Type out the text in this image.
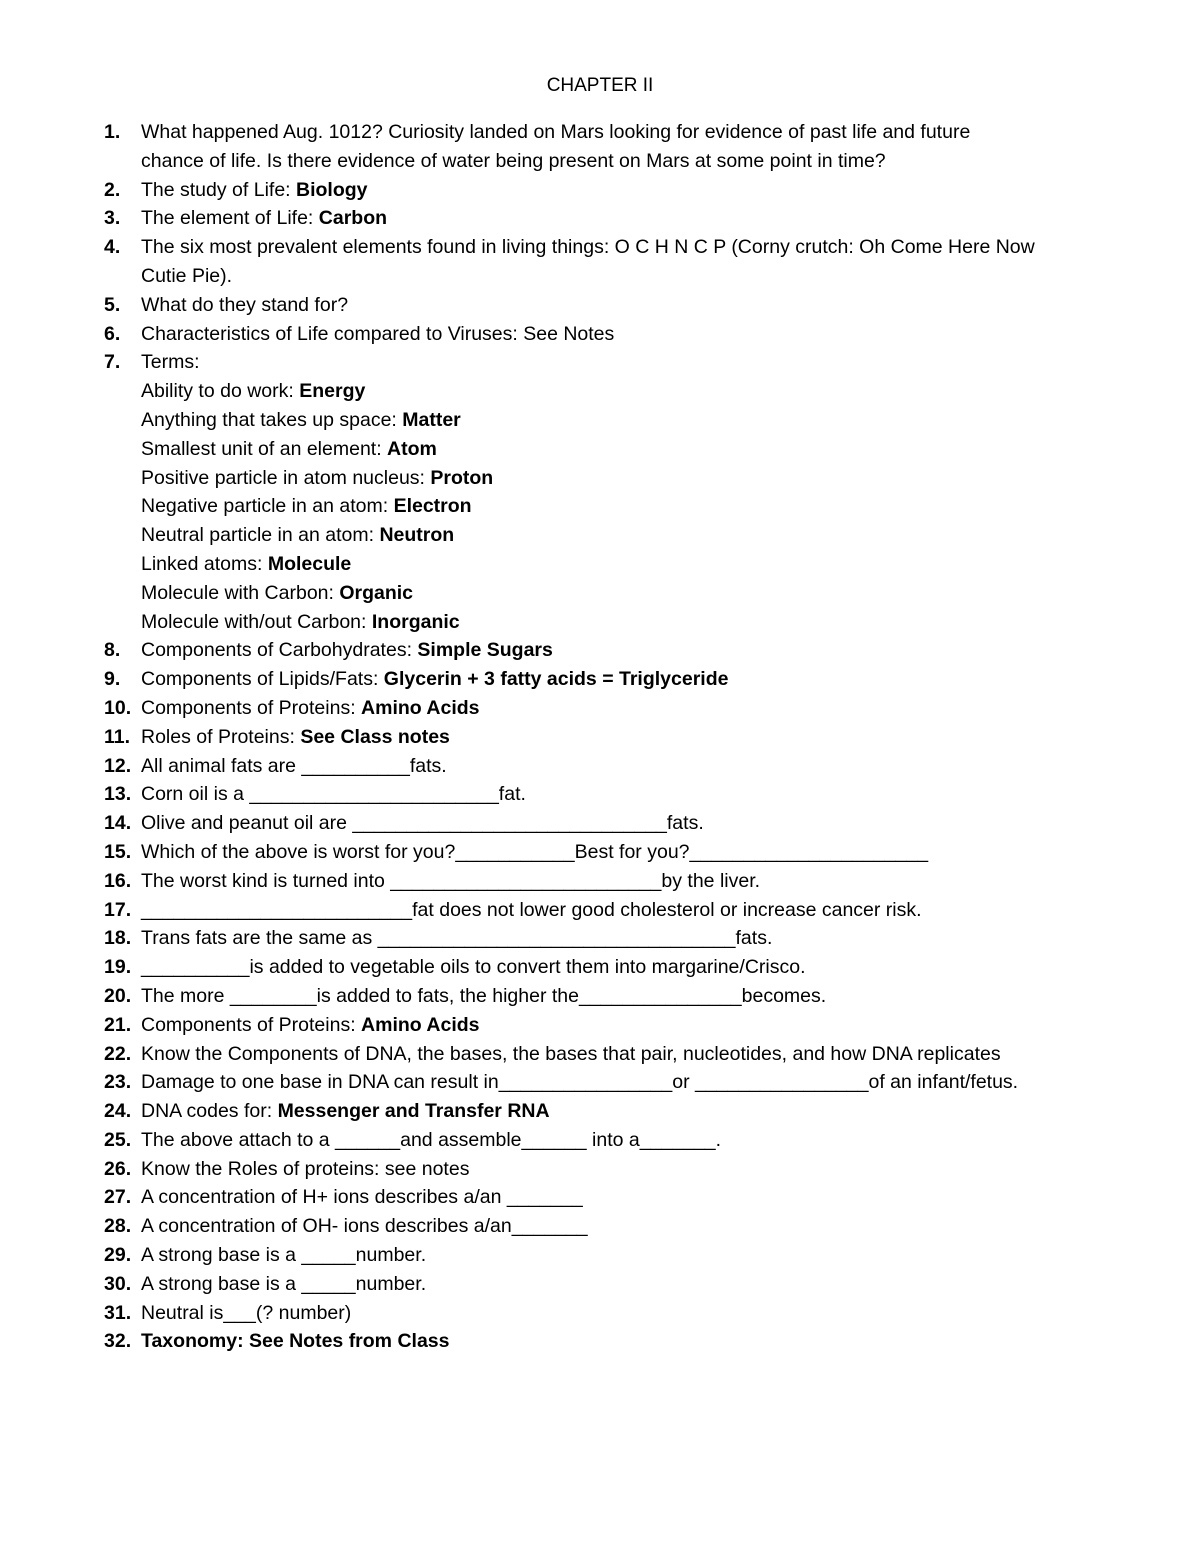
CHAPTER II
1. What happened Aug. 1012? Curiosity landed on Mars looking for evidence of past life and future
chance of life. Is there evidence of water being present on Mars at some point in time?
2. The study of Life: Biology
3. The element of Life: Carbon
4. The six most prevalent elements found in living things: O C H N C P (Corny crutch: Oh Come Here Now
Cutie Pie).
5. What do they stand for?
6. Characteristics of Life compared to Viruses: See Notes
7. Terms:
Ability to do work: Energy
Anything that takes up space: Matter
Smallest unit of an element: Atom
Positive particle in atom nucleus: Proton
Negative particle in an atom: Electron
Neutral particle in an atom: Neutron
Linked atoms: Molecule
Molecule with Carbon: Organic
Molecule with/out Carbon: Inorganic
8. Components of Carbohydrates: Simple Sugars
9. Components of Lipids/Fats: Glycerin + 3 fatty acids = Triglyceride
10. Components of Proteins: Amino Acids
11. Roles of Proteins: See Class notes
12. All animal fats are __________fats.
13. Corn oil is a _______________________fat.
14. Olive and peanut oil are _____________________________fats.
15. Which of the above is worst for you?___________Best for you?______________________
16. The worst kind is turned into _________________________by the liver.
17. _________________________fat does not lower good cholesterol or increase cancer risk.
18. Trans fats are the same as _________________________________fats.
19. __________is added to vegetable oils to convert them into margarine/Crisco.
20. The more ________is added to fats, the higher the_______________becomes.
21. Components of Proteins: Amino Acids
22. Know the Components of DNA, the bases, the bases that pair, nucleotides, and how DNA replicates
23. Damage to one base in DNA can result in________________or ________________of an infant/fetus.
24. DNA codes for: Messenger and Transfer RNA
25. The above attach to a ______and assemble______ into a_______.
26. Know the Roles of proteins: see notes
27. A concentration of H+ ions describes a/an _______
28. A concentration of OH- ions describes a/an_______
29. A strong base is a _____number.
30. A strong base is a _____number.
31. Neutral is___(? number)
32. Taxonomy: See Notes from Class
